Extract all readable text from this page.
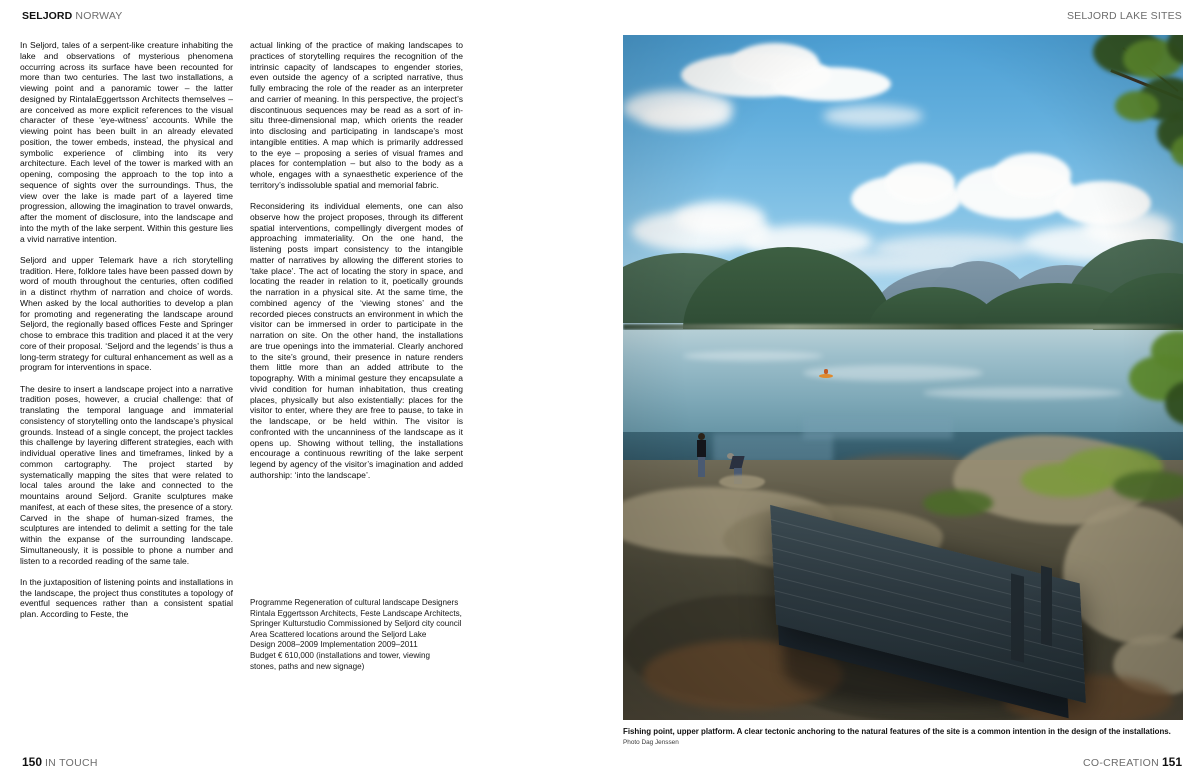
SELJORD NORWAY	SELJORD LAKE SITES

In Seljord, tales of a serpent-like creature inhabiting the lake and observations of mysterious phenomena occurring across its surface have been recounted for more than two centuries. The last two installations, a viewing point and a panoramic tower – the latter designed by RintalaEggertsson Architects themselves – are conceived as more explicit references to the visual character of these ‘eye-witness’ accounts. While the viewing point has been built in an already elevated position, the tower embeds, instead, the physical and symbolic experience of climbing into its very architecture. Each level of the tower is marked with an opening, composing the approach to the top into a sequence of sights over the surroundings. Thus, the view over the lake is made part of a layered time progression, allowing the imagination to travel onwards, after the moment of disclosure, into the landscape and into the myth of the lake serpent. Within this gesture lies a vivid narrative intention.

Seljord and upper Telemark have a rich storytelling tradition. Here, folklore tales have been passed down by word of mouth throughout the centuries, often codified in a distinct rhythm of narration and choice of words. When asked by the local authorities to develop a plan for promoting and regenerating the landscape around Seljord, the regionally based offices Feste and Springer chose to embrace this tradition and placed it at the very core of their proposal. ‘Seljord and the legends’ is thus a long-term strategy for cultural enhancement as well as a program for interventions in space.

The desire to insert a landscape project into a narrative tradition poses, however, a crucial challenge: that of translating the temporal language and immaterial consistency of storytelling onto the landscape’s physical grounds. Instead of a single concept, the project tackles this challenge by layering different strategies, each with individual operative lines and timeframes, linked by a common cartography. The project started by systematically mapping the sites that were related to local tales around the lake and connected to the mountains around Seljord. Granite sculptures make manifest, at each of these sites, the presence of a story. Carved in the shape of human-sized frames, the sculptures are intended to delimit a setting for the tale within the expanse of the surrounding landscape. Simultaneously, it is possible to phone a number and listen to a recorded reading of the same tale.

In the juxtaposition of listening points and installations in the landscape, the project thus constitutes a topology of eventful sequences rather than a consistent spatial plan. According to Feste, the

actual linking of the practice of making landscapes to practices of storytelling requires the recognition of the intrinsic capacity of landscapes to engender stories, even outside the agency of a scripted narrative, thus fully embracing the role of the reader as an interpreter and carrier of meaning. In this perspective, the project’s discontinuous sequences may be read as a sort of in-situ three-dimensional map, which orients the reader into disclosing and participating in landscape’s most intangible entities. A map which is primarily addressed to the eye – proposing a series of visual frames and places for contemplation – but also to the body as a whole, engages with a synaesthetic experience of the territory’s indissoluble spatial and memorial fabric.

Reconsidering its individual elements, one can also observe how the project proposes, through its different spatial interventions, compellingly divergent modes of approaching immateriality. On the one hand, the listening posts impart consistency to the intangible matter of narratives by allowing the different stories to ‘take place’. The act of locating the story in space, and locating the reader in relation to it, poetically grounds the narration in a physical site. At the same time, the combined agency of the ‘viewing stones’ and the recorded pieces constructs an environment in which the visitor can be immersed in order to participate in the narration on site. On the other hand, the installations are true openings into the immaterial. Clearly anchored to the site’s ground, their presence in nature renders them little more than an added attribute to the topography. With a minimal gesture they encapsulate a vivid condition for human inhabitation, thus creating places, physically but also existentially: places for the visitor to enter, where they are free to pause, to take in the landscape, or be held within. The visitor is confronted with the uncanniness of the landscape as it opens up. Showing without telling, the installations encourage a continuous rewriting of the lake serpent legend by agency of the visitor’s imagination and added authorship: ‘into the landscape’.

Programme Regeneration of cultural landscape Designers
Rintala Eggertsson Architects, Feste Landscape Architects,
Springer Kulturstudio Commissioned by Seljord city council
Area Scattered locations around the Seljord Lake
Design 2008–2009 Implementation 2009–2011
Budget € 610,000 (installations and tower, viewing
stones, paths and new signage)
Fishing point, upper platform. A clear tectonic anchoring to the natural features of the site is a common intention in the design of the installations.
Photo Dag Jenssen
150 IN TOUCH	CO-CREATION 151
